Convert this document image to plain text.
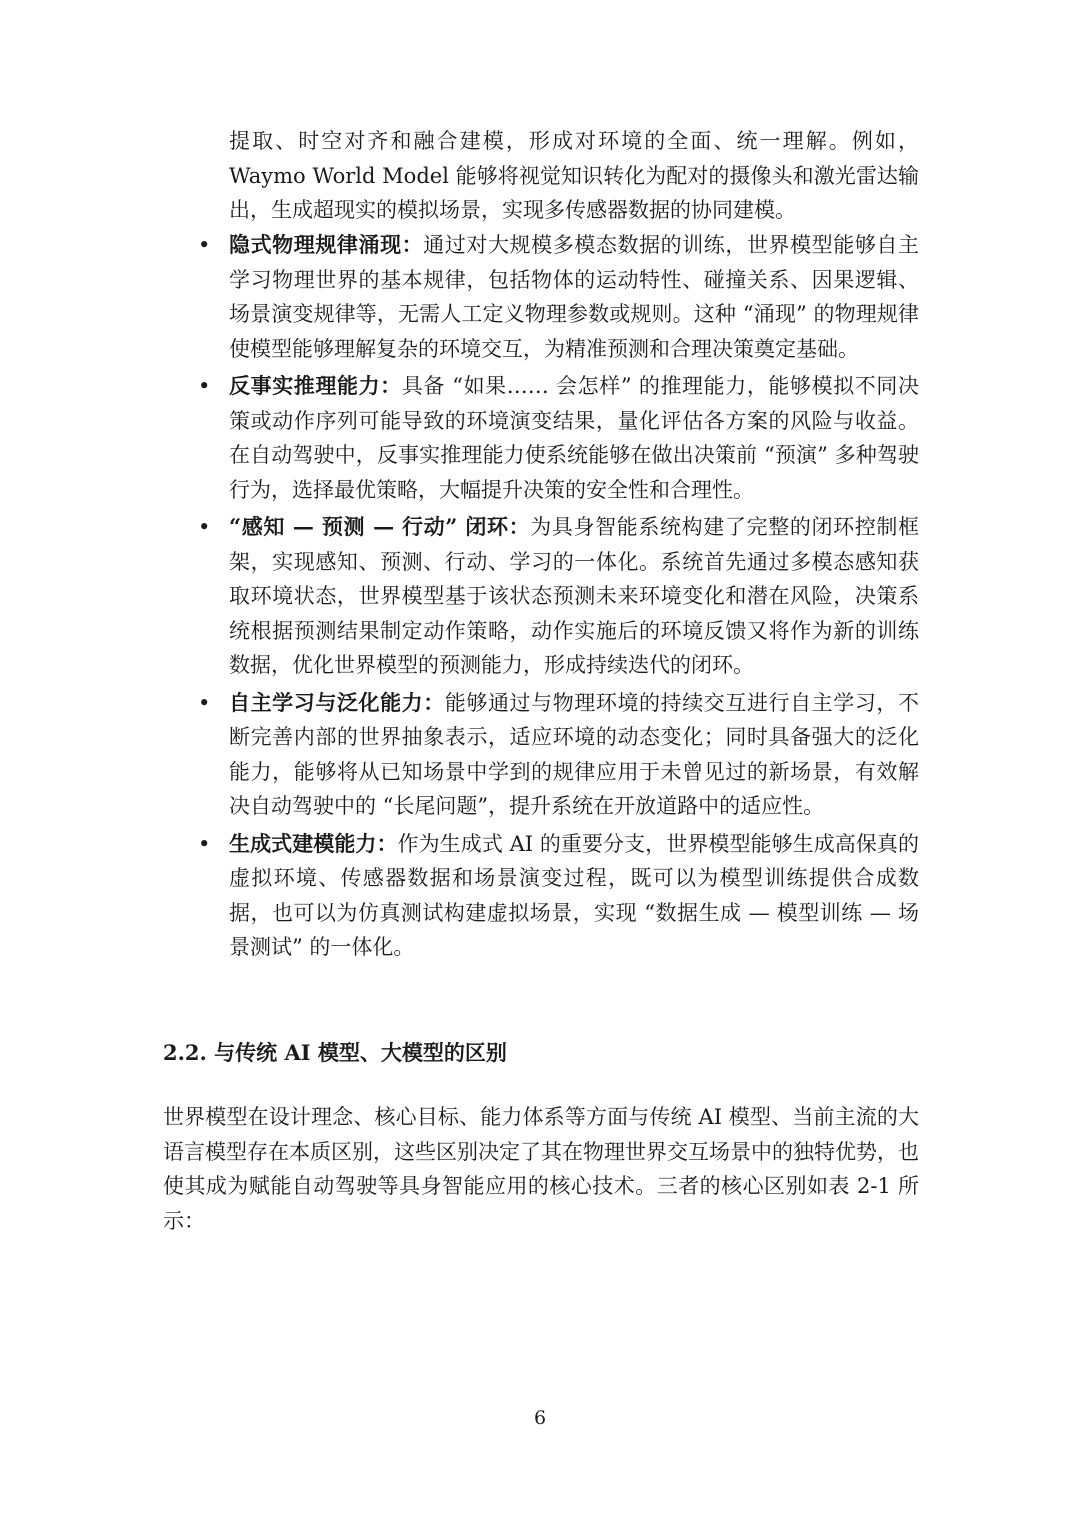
提取、时空对齐和融合建模，形成对环境的全面、统一理解。例如，Waymo World Model 能够将视觉知识转化为配对的摄像头和激光雷达输出，生成超现实的模拟场景，实现多传感器数据的协同建模。

• 隐式物理规律涌现：通过对大规模多模态数据的训练，世界模型能够自主学习物理世界的基本规律，包括物体的运动特性、碰撞关系、因果逻辑、场景演变规律等，无需人工定义物理参数或规则。这种 “涌现” 的物理规律使模型能够理解复杂的环境交互，为精准预测和合理决策奠定基础。
• 反事实推理能力：具备 “如果…… 会怎样” 的推理能力，能够模拟不同决策或动作序列可能导致的环境演变结果，量化评估各方案的风险与收益。在自动驾驶中，反事实推理能力使系统能够在做出决策前 “预演” 多种驾驶行为，选择最优策略，大幅提升决策的安全性和合理性。
• “感知 — 预测 — 行动” 闭环：为具身智能系统构建了完整的闭环控制框架，实现感知、预测、行动、学习的一体化。系统首先通过多模态感知获取环境状态，世界模型基于该状态预测未来环境变化和潜在风险，决策系统根据预测结果制定动作策略，动作实施后的环境反馈又将作为新的训练数据，优化世界模型的预测能力，形成持续迭代的闭环。
• 自主学习与泛化能力：能够通过与物理环境的持续交互进行自主学习，不断完善内部的世界抽象表示，适应环境的动态变化；同时具备强大的泛化能力，能够将从已知场景中学到的规律应用于未曾见过的新场景，有效解决自动驾驶中的 “长尾问题”，提升系统在开放道路中的适应性。
• 生成式建模能力：作为生成式 AI 的重要分支，世界模型能够生成高保真的虚拟环境、传感器数据和场景演变过程，既可以为模型训练提供合成数据，也可以为仿真测试构建虚拟场景，实现 “数据生成 — 模型训练 — 场景测试” 的一体化。
2.2. 与传统 AI 模型、大模型的区别

世界模型在设计理念、核心目标、能力体系等方面与传统 AI 模型、当前主流的大语言模型存在本质区别，这些区别决定了其在物理世界交互场景中的独特优势，也使其成为赋能自动驾驶等具身智能应用的核心技术。三者的核心区别如表 2-1 所示：

6
